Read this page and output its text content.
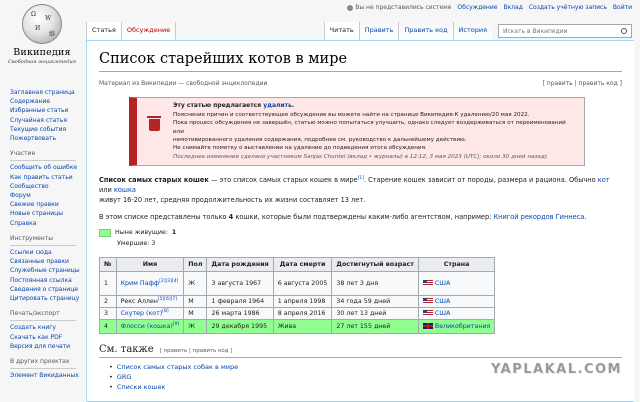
Ω
W
И
維
Википедия
Свободная энциклопедия
Вы не представились системе Обсуждение Вклад Создать учётную запись Войти
Статья	Обсуждение	Читать	Править	Править код	История	Искать в Википедии
Заглавная страница
Содержание
Избранные статьи
Случайная статья
Текущие события
Пожертвовать
Участие
Сообщить об ошибке
Как править статьи
Сообщество
Форум
Свежие правки
Новые страницы
Справка
Инструменты
Ссылки сюда
Связанные правки
Служебные страницы
Постоянная ссылка
Сведения о странице
Цитировать страницу
Печать/экспорт
Создать книгу
Скачать как PDF
Версия для печати
В других проектах
Элемент Викиданных
Список старейших котов в мире
Материал из Википедии — свободной энциклопедии	[ править | править код ]
Эту статью предлагается удалить.
Пояснение причин и соответствующее обсуждение вы можете найти на странице Википедия:К удалению/20 мая 2022.
Пока процесс обсуждения не завершён, статью можно попытаться улучшить, однако следует воздерживаться от переименований или
немотивированного удаления содержания, подробнее см. руководство к дальнейшему действию.
Не снимайте пометку о выставлении на удаление до подведения итога обсуждения.
Последнее изменение сделано участником Sanjas Chuntel (вклад • журналы) в 12:12, 3 мая 2023 (UTC); около 30 дней назад).
Список самых старых кошек — это список самых старых кошек в мире[1]. Старение кошек зависит от породы, размера и рациона. Обычно кот или кошка
живут 16-20 лет, средняя продолжительность их жизни составляет 13 лет.
В этом списке представлены только 4 кошки, которые были подтверждены каким-либо агентством, например: Книгой рекордов Гиннеса.
Ныне живущие: 1
Умершие: 3
№	Имя	Пол	Дата рождения	Дата смерти	Достигнутый возраст	Страна
1	Крим Пафф[2][3][4]	Ж	3 августа 1967	6 августа 2005	38 лет 3 дня	США
2	Рекс Аллен[5][6][7]	М	1 февраля 1964	1 апреля 1998	34 года 59 дней	США
3	Скутер (кот)[8]	М	26 марта 1986	8 апреля 2016	30 лет 13 дней	США
4	Флосси (кошка)[9]	Ж	29 декабря 1995	Жива	27 лет 155 дней	Великобритания
См. также [ править | править код ]
• Список самых старых собак в мире
• GRG
• Списки кошек
YAPLAKAL.COM
